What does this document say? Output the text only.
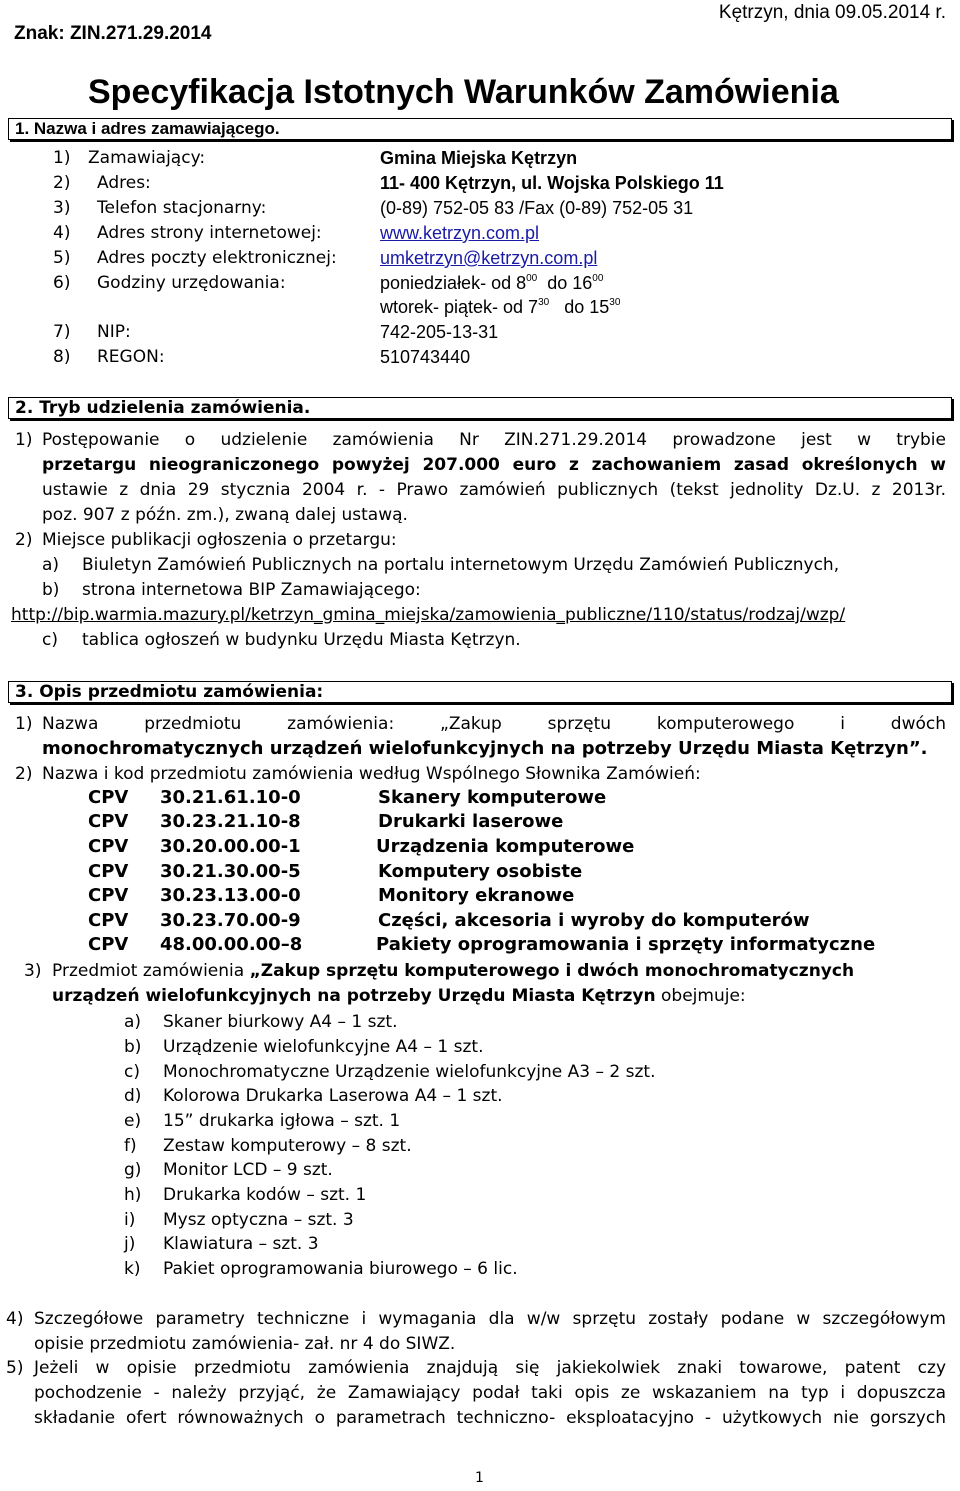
Znak: ZIN.271.29.2014
Kętrzyn, dnia 09.05.2014 r.
Specyfikacja Istotnych Warunków Zamówienia
1. Nazwa i adres zamawiającego.
1) Zamawiający:	Gmina Miejska Kętrzyn
2) Adres:	11- 400 Kętrzyn, ul. Wojska Polskiego 11
3) Telefon stacjonarny:	(0-89) 752-05 83 /Fax (0-89) 752-05 31
4) Adres strony internetowej:	www.ketrzyn.com.pl
5) Adres poczty elektronicznej: umketrzyn@ketrzyn.com.pl
6) Godziny urzędowania:	poniedziałek- od $8^{00}$ do $16^{00}$
wtorek- piątek- od $7^{30}$ do $15^{30}$
7) NIP:	742-205-13-31
8) REGON:	510743440
2. Tryb udzielenia zamówienia.
1) Postępowanie o udzielenie zamówienia Nr ZIN.271.29.2014 prowadzone jest w trybie
przetargu nieograniczonego powyżej 207.000 euro z zachowaniem zasad określonych w
ustawie z dnia 29 stycznia 2004 r. - Prawo zamówień publicznych (tekst jednolity Dz.U. z 2013r.
poz. 907 z późn. zm.), zwaną dalej ustawą.
2) Miejsce publikacji ogłoszenia o przetargu:
a) Biuletyn Zamówień Publicznych na portalu internetowym Urzędu Zamówień Publicznych,
b) strona internetowa BIP Zamawiającego:
http://bip.warmia.mazury.pl/ketrzyn_gmina_miejska/zamowienia_publiczne/110/status/rodzaj/wzp/
c) tablica ogłoszeń w budynku Urzędu Miasta Kętrzyn.
3. Opis przedmiotu zamówienia:
1) Nazwa przedmiotu zamówienia: „Zakup sprzętu komputerowego i dwóch
monochromatycznych urządzeń wielofunkcyjnych na potrzeby Urzędu Miasta Kętrzyn”.
2) Nazwa i kod przedmiotu zamówienia według Wspólnego Słownika Zamówień:
CPV 30.21.61.10-0	Skanery komputerowe
CPV 30.23.21.10-8	Drukarki laserowe
CPV 30.20.00.00-1	Urządzenia komputerowe
CPV 30.21.30.00-5	Komputery osobiste
CPV 30.23.13.00-0	Monitory ekranowe
CPV 30.23.70.00-9	Części, akcesoria i wyroby do komputerów
CPV 48.00.00.00–8	Pakiety oprogramowania i sprzęty informatyczne
3) Przedmiot zamówienia „Zakup sprzętu komputerowego i dwóch monochromatycznych
urządzeń wielofunkcyjnych na potrzeby Urzędu Miasta Kętrzyn obejmuje:
a) Skaner biurkowy A4 – 1 szt.
b) Urządzenie wielofunkcyjne A4 – 1 szt.
c) Monochromatyczne Urządzenie wielofunkcyjne A3 – 2 szt.
d) Kolorowa Drukarka Laserowa A4 – 1 szt.
e) 15” drukarka igłowa – szt. 1
f) Zestaw komputerowy – 8 szt.
g) Monitor LCD – 9 szt.
h) Drukarka kodów – szt. 1
i) Mysz optyczna – szt. 3
j) Klawiatura – szt. 3
k) Pakiet oprogramowania biurowego – 6 lic.
4) Szczegółowe parametry techniczne i wymagania dla w/w sprzętu zostały podane w szczegółowym
opisie przedmiotu zamówienia- zał. nr 4 do SIWZ.
5) Jeżeli w opisie przedmiotu zamówienia znajdują się jakiekolwiek znaki towarowe, patent czy
pochodzenie - należy przyjąć, że Zamawiający podał taki opis ze wskazaniem na typ i dopuszcza
składanie ofert równoważnych o parametrach techniczno- eksploatacyjno - użytkowych nie gorszych
1
